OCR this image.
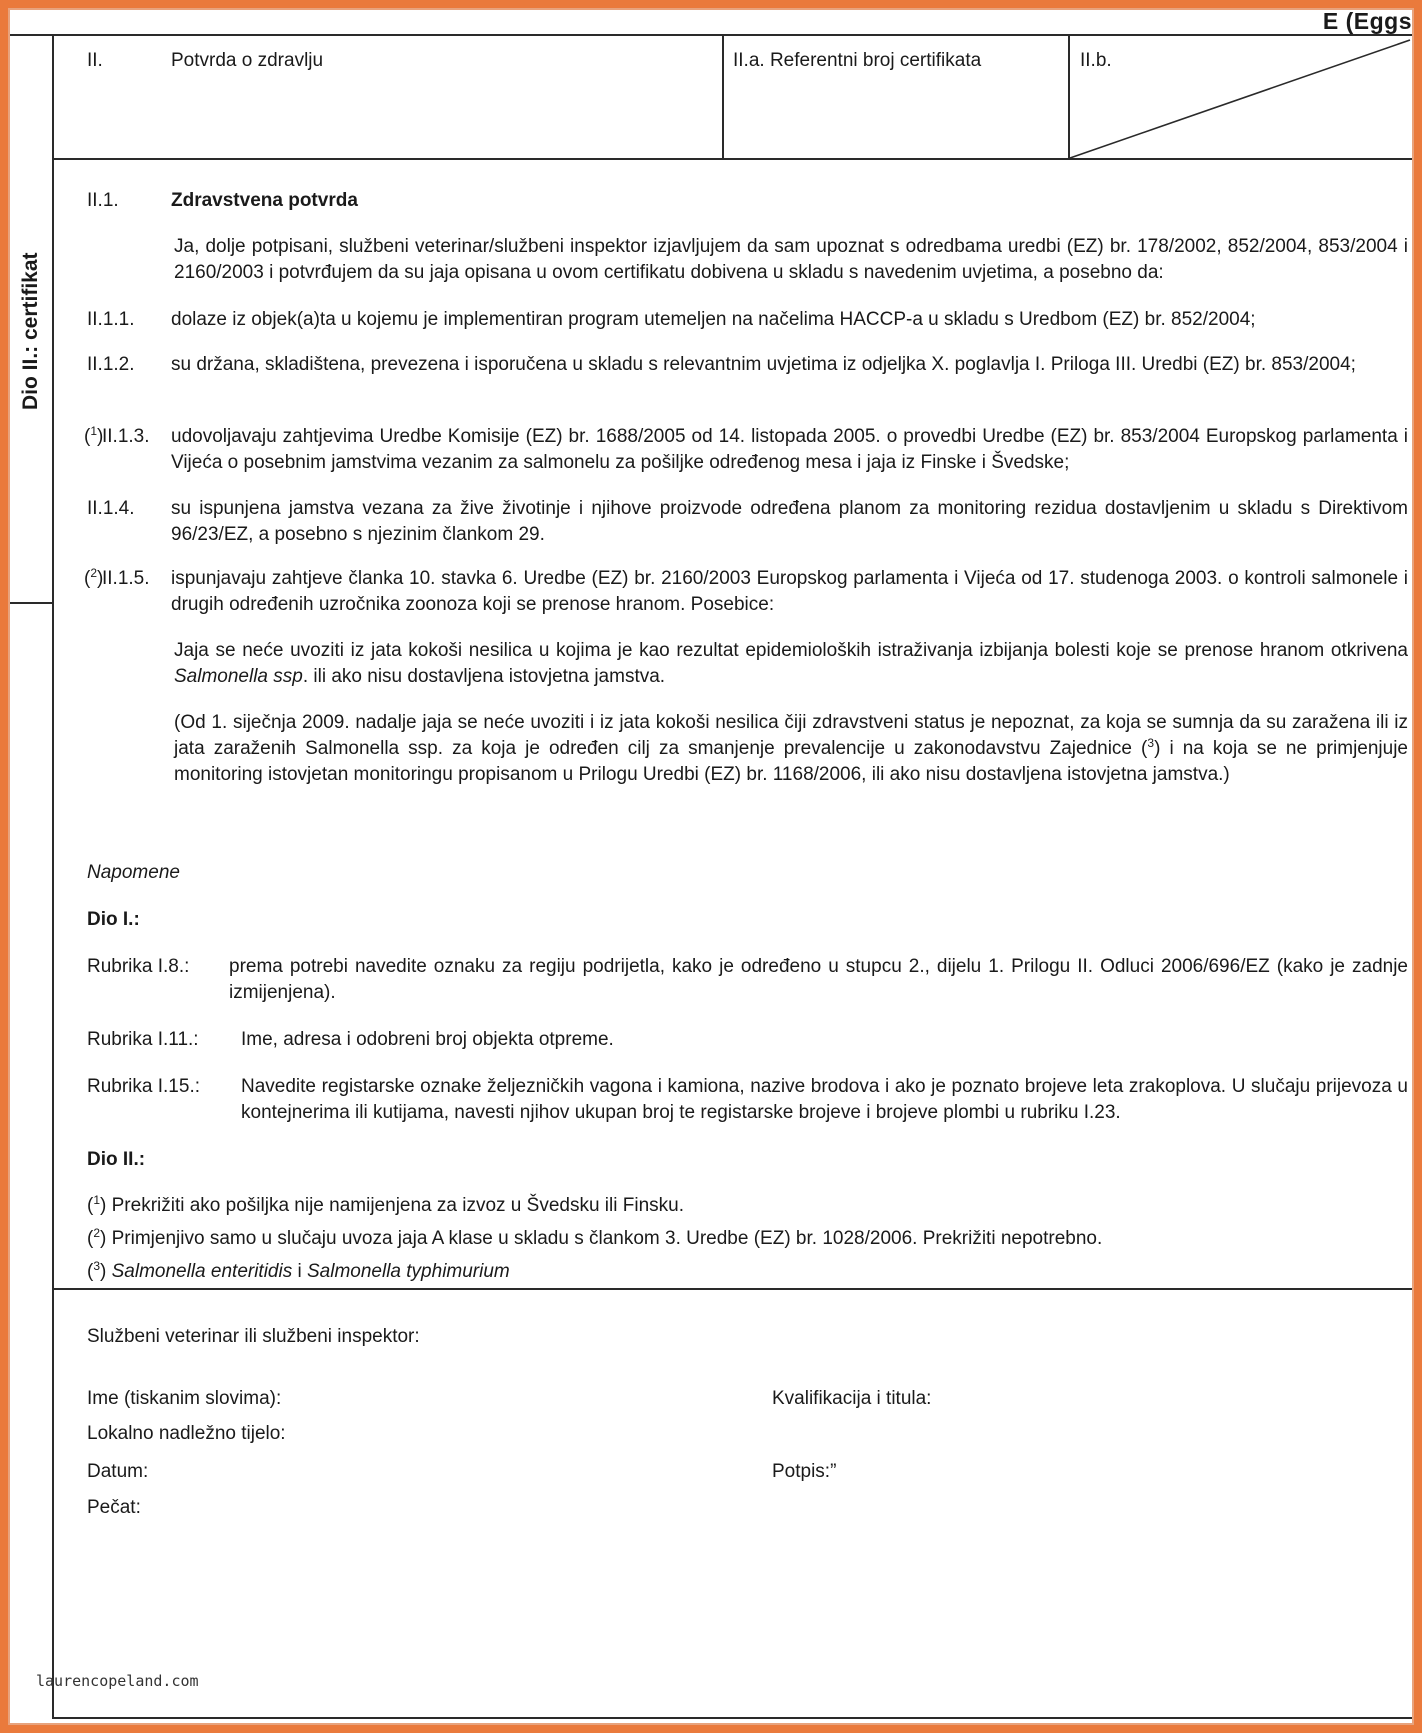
E (Eggs
Dio II.: certifikat
II.	Potvrda o zdravlju	II.a. Referentni broj certifikata	II.b.
II.1.	Zdravstvena potvrda
Ja, dolje potpisani, službeni veterinar/službeni inspektor izjavljujem da sam upoznat s odredbama uredbi (EZ) br. 178/2002, 852/2004, 853/2004 i 2160/2003 i potvrđujem da su jaja opisana u ovom certifikatu dobivena u skladu s navedenim uvjetima, a posebno da:
II.1.1. dolaze iz objek(a)ta u kojemu je implementiran program utemeljen na načelima HACCP-a u skladu s Uredbom (EZ) br. 852/2004;
II.1.2. su držana, skladištena, prevezena i isporučena u skladu s relevantnim uvjetima iz odjeljka X. poglavlja I. Priloga III. Uredbi (EZ) br. 853/2004;
($^1$)
II.1.3. udovoljavaju zahtjevima Uredbe Komisije (EZ) br. 1688/2005 od 14. listopada 2005. o provedbi Uredbe (EZ) br. 853/2004 Europskog parlamenta i Vijeća o posebnim jamstvima vezanim za salmonelu za pošiljke određenog mesa i jaja iz Finske i Švedske;
II.1.4. su ispunjena jamstva vezana za žive životinje i njihove proizvode određena planom za monitoring rezidua dostavljenim u skladu s Direktivom 96/23/EZ, a posebno s njezinim člankom 29.
($^2$)
II.1.5. ispunjavaju zahtjeve članka 10. stavka 6. Uredbe (EZ) br. 2160/2003 Europskog parlamenta i Vijeća od 17. studenoga 2003. o kontroli salmonele i drugih određenih uzročnika zoonoza koji se prenose hranom. Posebice:
Jaja se neće uvoziti iz jata kokoši nesilica u kojima je kao rezultat epidemioloških istraživanja izbijanja bolesti koje se prenose hranom otkrivena Salmonella ssp. ili ako nisu dostavljena istovjetna jamstva.
(Od 1. siječnja 2009. nadalje jaja se neće uvoziti i iz jata kokoši nesilica čiji zdravstveni status je nepoznat, za koja se sumnja da su zaražena ili iz jata zaraženih Salmonella ssp. za koja je određen cilj za smanjenje prevalencije u zakonodavstvu Zajednice ($^3$) i na koja se ne primjenjuje monitoring istovjetan monitoringu propisanom u Prilogu Uredbi (EZ) br. 1168/2006, ili ako nisu dostavljena istovjetna jamstva.)
Napomene
Dio I.:
Rubrika I.8.: prema potrebi navedite oznaku za regiju podrijetla, kako je određeno u stupcu 2., dijelu 1. Prilogu II. Odluci 2006/696/EZ (kako je zadnje izmijenjena).
Rubrika I.11.: Ime, adresa i odobreni broj objekta otpreme.
Rubrika I.15.: Navedite registarske oznake željezničkih vagona i kamiona, nazive brodova i ako je poznato brojeve leta zrakoplova. U slučaju prijevoza u kontejnerima ili kutijama, navesti njihov ukupan broj te registarske brojeve i brojeve plombi u rubriku I.23.
Dio II.:
($^1$) Prekrižiti ako pošiljka nije namijenjena za izvoz u Švedsku ili Finsku.
($^2$) Primjenjivo samo u slučaju uvoza jaja A klase u skladu s člankom 3. Uredbe (EZ) br. 1028/2006. Prekrižiti nepotrebno.
($^3$) Salmonella enteritidis i Salmonella typhimurium
Službeni veterinar ili službeni inspektor:
Ime (tiskanim slovima):	Kvalifikacija i titula:
Lokalno nadležno tijelo:
Datum:	Potpis:”
Pečat:
laurencopeland.com
